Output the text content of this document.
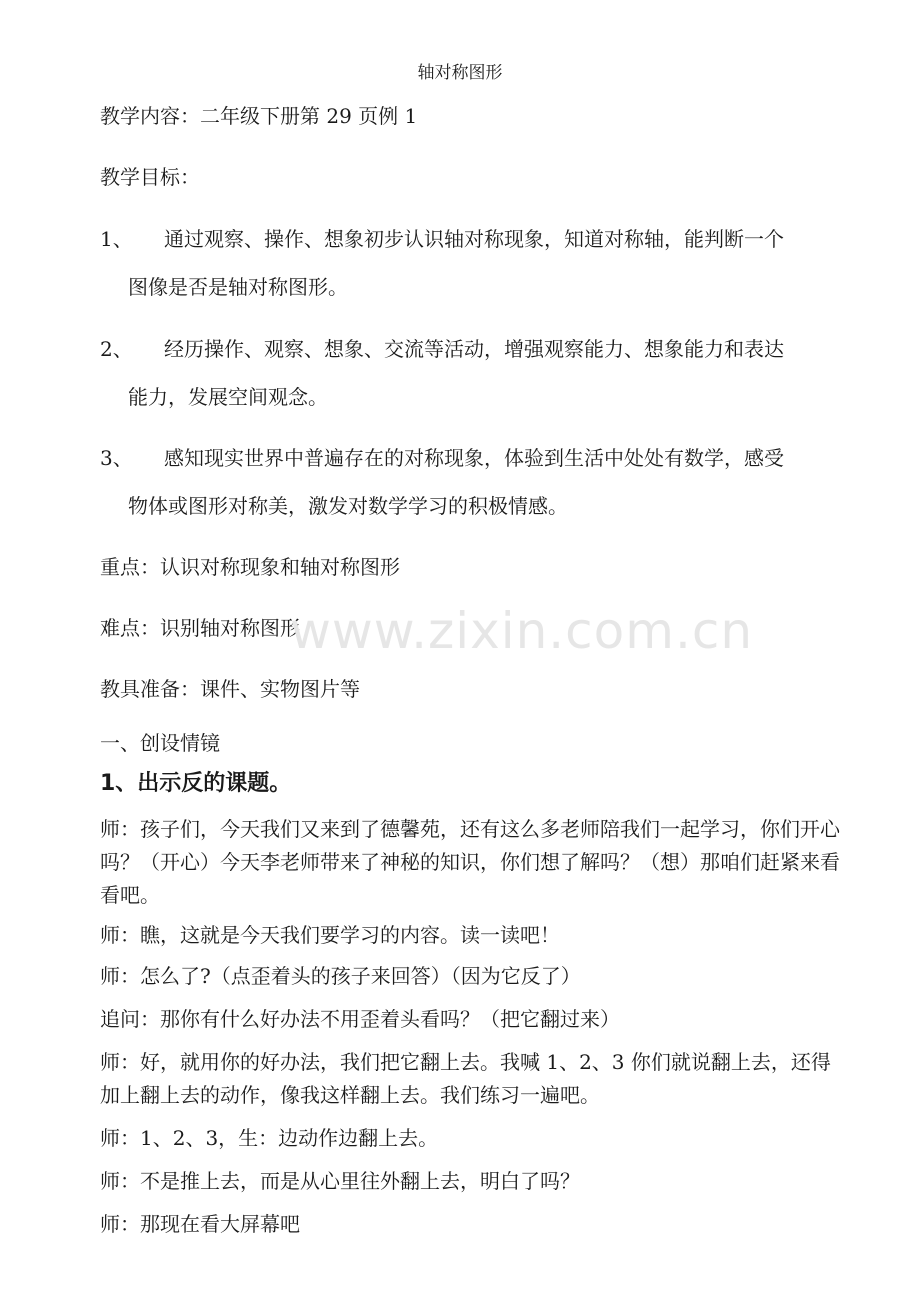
轴对称图形
教学内容：二年级下册第 29 页例 1
教学目标：
1、 通过观察、操作、想象初步认识轴对称现象，知道对称轴，能判断一个
图像是否是轴对称图形。
2、 经历操作、观察、想象、交流等活动，增强观察能力、想象能力和表达
能力，发展空间观念。
3、 感知现实世界中普遍存在的对称现象，体验到生活中处处有数学，感受
物体或图形对称美，激发对数学学习的积极情感。
重点：认识对称现象和轴对称图形
难点：识别轴对称图形
教具准备：课件、实物图片等
一、创设情镜
1、出示反的课题。
师：孩子们，今天我们又来到了德馨苑，还有这么多老师陪我们一起学习，你们开心吗？（开心）今天李老师带来了神秘的知识，你们想了解吗？（想）那咱们赶紧来看看吧。
师：瞧，这就是今天我们要学习的内容。读一读吧！
师：怎么了?（点歪着头的孩子来回答）（因为它反了）
追问：那你有什么好办法不用歪着头看吗？（把它翻过来）
师：好，就用你的好办法，我们把它翻上去。我喊 1、2、3 你们就说翻上去，还得加上翻上去的动作，像我这样翻上去。我们练习一遍吧。
师：1、2、3，生：边动作边翻上去。
师：不是推上去，而是从心里往外翻上去，明白了吗？
师：那现在看大屏幕吧
www.zixin.com.cn
